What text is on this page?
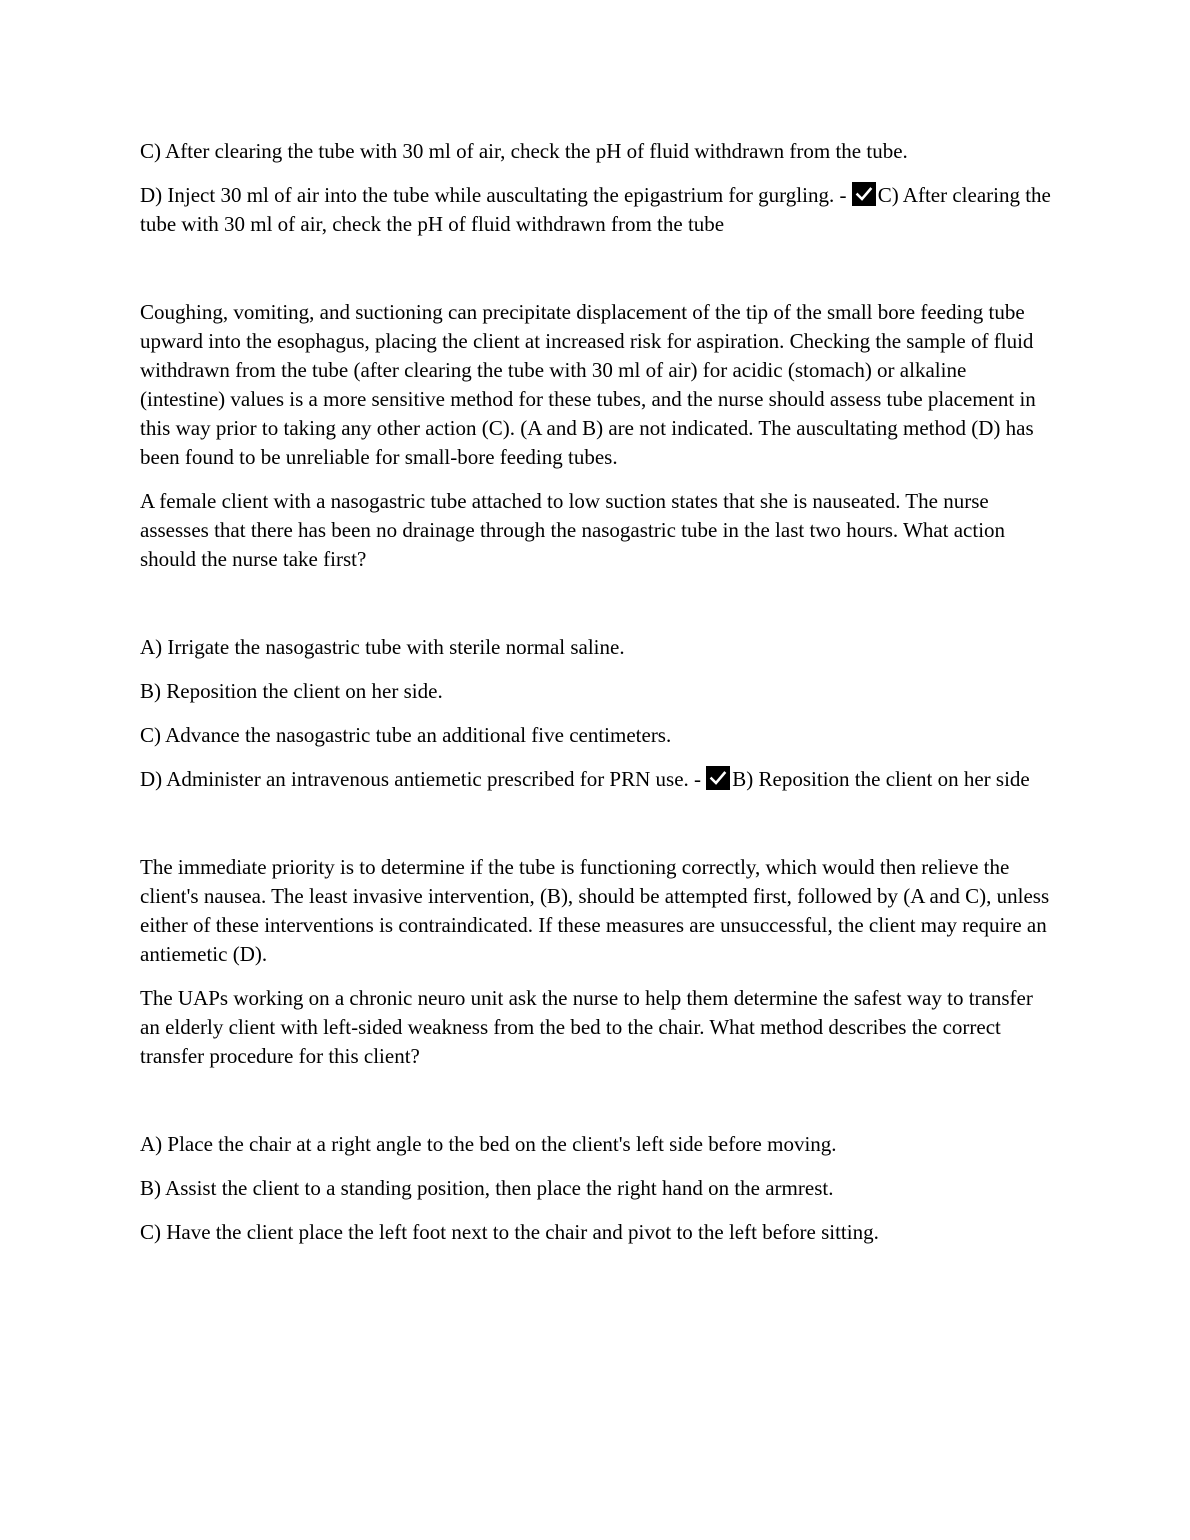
C) After clearing the tube with 30 ml of air, check the pH of fluid withdrawn from the tube.

D) Inject 30 ml of air into the tube while auscultating the epigastrium for gurgling. - C) After clearing the tube with 30 ml of air, check the pH of fluid withdrawn from the tube

Coughing, vomiting, and suctioning can precipitate displacement of the tip of the small bore feeding tube upward into the esophagus, placing the client at increased risk for aspiration. Checking the sample of fluid withdrawn from the tube (after clearing the tube with 30 ml of air) for acidic (stomach) or alkaline (intestine) values is a more sensitive method for these tubes, and the nurse should assess tube placement in this way prior to taking any other action (C). (A and B) are not indicated. The auscultating method (D) has been found to be unreliable for small-bore feeding tubes.

A female client with a nasogastric tube attached to low suction states that she is nauseated. The nurse assesses that there has been no drainage through the nasogastric tube in the last two hours. What action should the nurse take first?

A) Irrigate the nasogastric tube with sterile normal saline.

B) Reposition the client on her side.

C) Advance the nasogastric tube an additional five centimeters.

D) Administer an intravenous antiemetic prescribed for PRN use. - B) Reposition the client on her side

The immediate priority is to determine if the tube is functioning correctly, which would then relieve the client's nausea. The least invasive intervention, (B), should be attempted first, followed by (A and C), unless either of these interventions is contraindicated. If these measures are unsuccessful, the client may require an antiemetic (D).

The UAPs working on a chronic neuro unit ask the nurse to help them determine the safest way to transfer an elderly client with left-sided weakness from the bed to the chair. What method describes the correct transfer procedure for this client?

A) Place the chair at a right angle to the bed on the client's left side before moving.

B) Assist the client to a standing position, then place the right hand on the armrest.

C) Have the client place the left foot next to the chair and pivot to the left before sitting.
